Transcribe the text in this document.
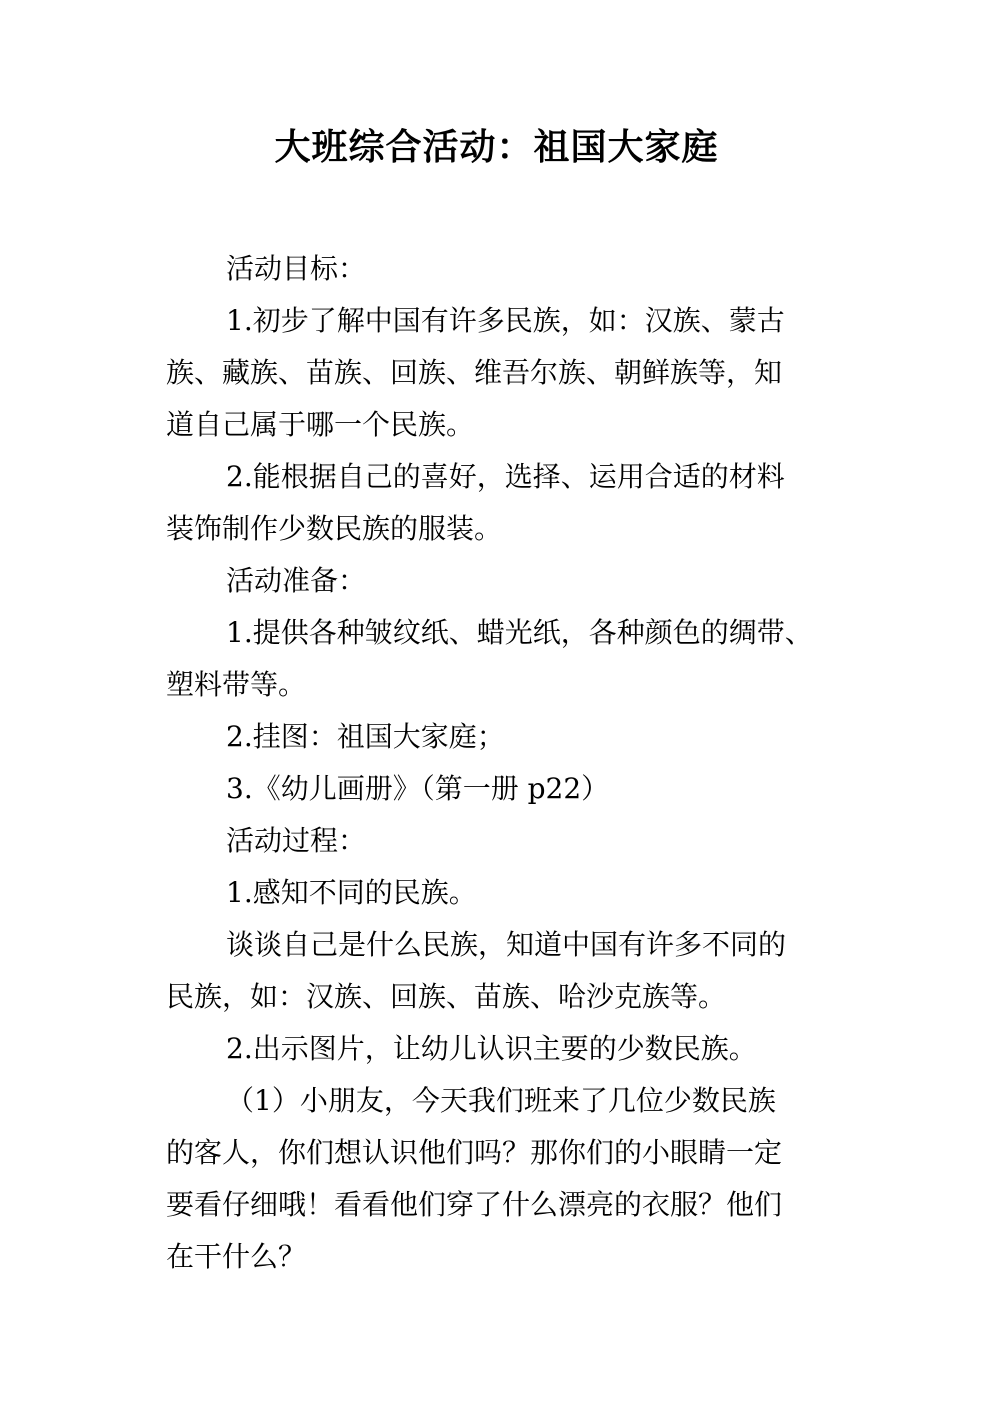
大班综合活动：祖国大家庭

活动目标：

1.初步了解中国有许多民族，如：汉族、蒙古
族、藏族、苗族、回族、维吾尔族、朝鲜族等，知
道自己属于哪一个民族。

2.能根据自己的喜好，选择、运用合适的材料
装饰制作少数民族的服装。

活动准备：

1.提供各种皱纹纸、蜡光纸，各种颜色的绸带、
塑料带等。

2.挂图：祖国大家庭；

3.《幼儿画册》（第一册 p22）

活动过程：

1.感知不同的民族。

谈谈自己是什么民族，知道中国有许多不同的
民族，如：汉族、回族、苗族、哈沙克族等。

2.出示图片，让幼儿认识主要的少数民族。

（1）小朋友，今天我们班来了几位少数民族
的客人，你们想认识他们吗？那你们的小眼睛一定
要看仔细哦！看看他们穿了什么漂亮的衣服？他们
在干什么？
